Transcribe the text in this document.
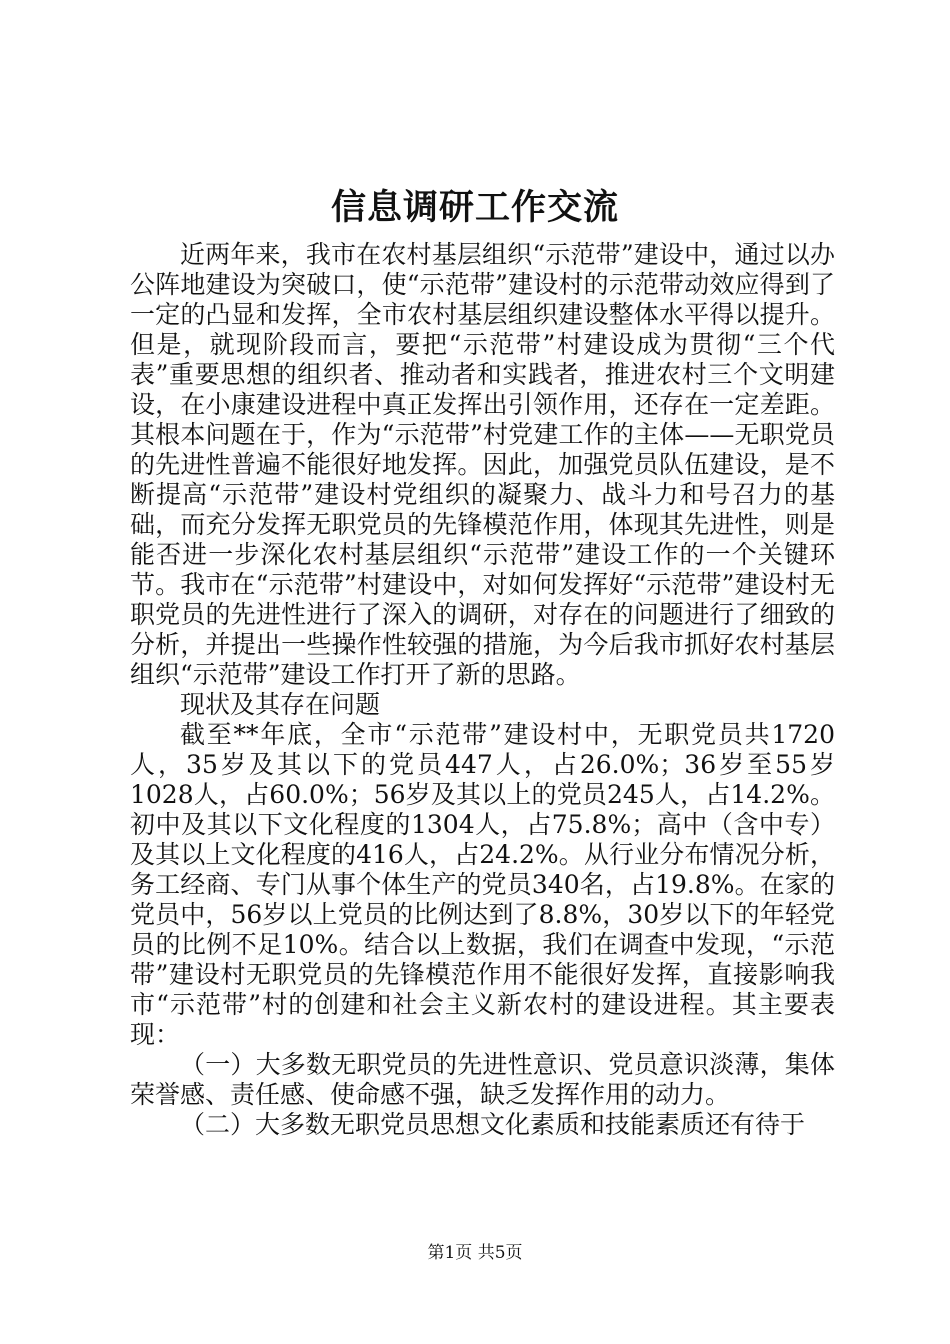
信息调研工作交流

近两年来，我市在农村基层组织“示范带”建设中，通过以办公阵地建设为突破口，使“示范带”建设村的示范带动效应得到了一定的凸显和发挥，全市农村基层组织建设整体水平得以提升。但是，就现阶段而言，要把“示范带”村建设成为贯彻“三个代表”重要思想的组织者、推动者和实践者，推进农村三个文明建设，在小康建设进程中真正发挥出引领作用，还存在一定差距。其根本问题在于，作为“示范带”村党建工作的主体——无职党员的先进性普遍不能很好地发挥。因此，加强党员队伍建设，是不断提高“示范带”建设村党组织的凝聚力、战斗力和号召力的基础，而充分发挥无职党员的先锋模范作用，体现其先进性，则是能否进一步深化农村基层组织“示范带”建设工作的一个关键环节。我市在“示范带”村建设中，对如何发挥好“示范带”建设村无职党员的先进性进行了深入的调研，对存在的问题进行了细致的分析，并提出一些操作性较强的措施，为今后我市抓好农村基层组织“示范带”建设工作打开了新的思路。

现状及其存在问题

截至**年底，全市“示范带”建设村中，无职党员共1720人，35岁及其以下的党员447人，占26.0%；36岁至55岁1028人，占60.0%；56岁及其以上的党员245人，占14.2%。初中及其以下文化程度的1304人，占75.8%；高中（含中专）及其以上文化程度的416人，占24.2%。从行业分布情况分析，务工经商、专门从事个体生产的党员340名，占19.8%。在家的党员中，56岁以上党员的比例达到了8.8%，30岁以下的年轻党员的比例不足10%。结合以上数据，我们在调查中发现，“示范带”建设村无职党员的先锋模范作用不能很好发挥，直接影响我市“示范带”村的创建和社会主义新农村的建设进程。其主要表现：

（一）大多数无职党员的先进性意识、党员意识淡薄，集体荣誉感、责任感、使命感不强，缺乏发挥作用的动力。

（二）大多数无职党员思想文化素质和技能素质还有待于

第1页 共5页
